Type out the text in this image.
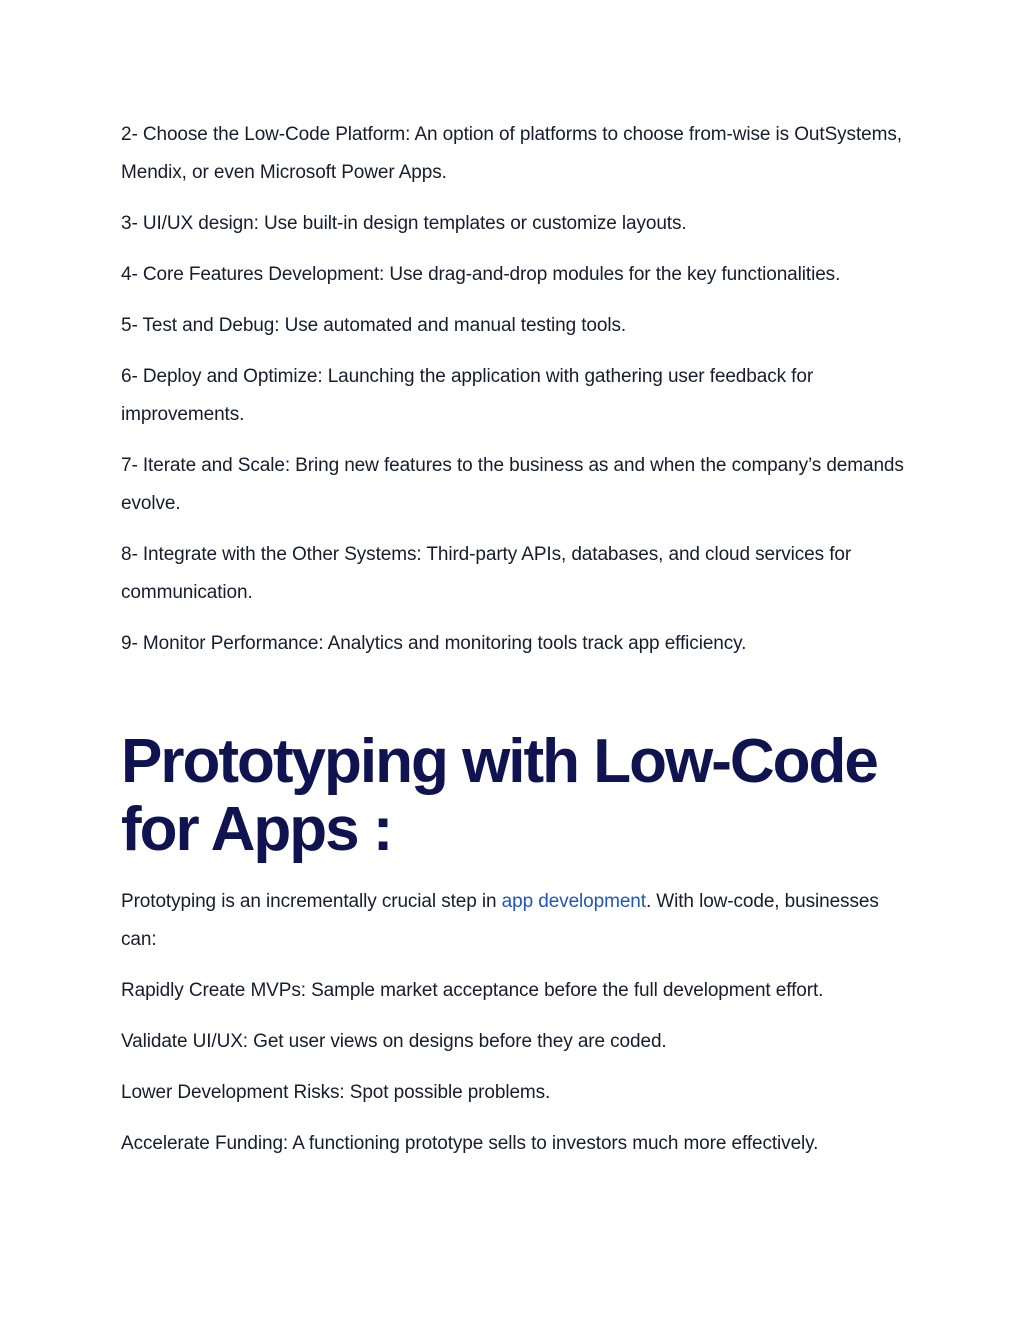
2- Choose the Low-Code Platform: An option of platforms to choose from-wise is OutSystems, Mendix, or even Microsoft Power Apps.

3- UI/UX design: Use built-in design templates or customize layouts.

4- Core Features Development: Use drag-and-drop modules for the key functionalities.

5- Test and Debug: Use automated and manual testing tools.

6- Deploy and Optimize: Launching the application with gathering user feedback for improvements.

7- Iterate and Scale: Bring new features to the business as and when the company’s demands evolve.

8- Integrate with the Other Systems: Third-party APIs, databases, and cloud services for communication.

9- Monitor Performance: Analytics and monitoring tools track app efficiency.

Prototyping with Low-Code for Apps :

Prototyping is an incrementally crucial step in app development. With low-code, businesses can:

Rapidly Create MVPs: Sample market acceptance before the full development effort.

Validate UI/UX: Get user views on designs before they are coded.

Lower Development Risks: Spot possible problems.

Accelerate Funding: A functioning prototype sells to investors much more effectively.
